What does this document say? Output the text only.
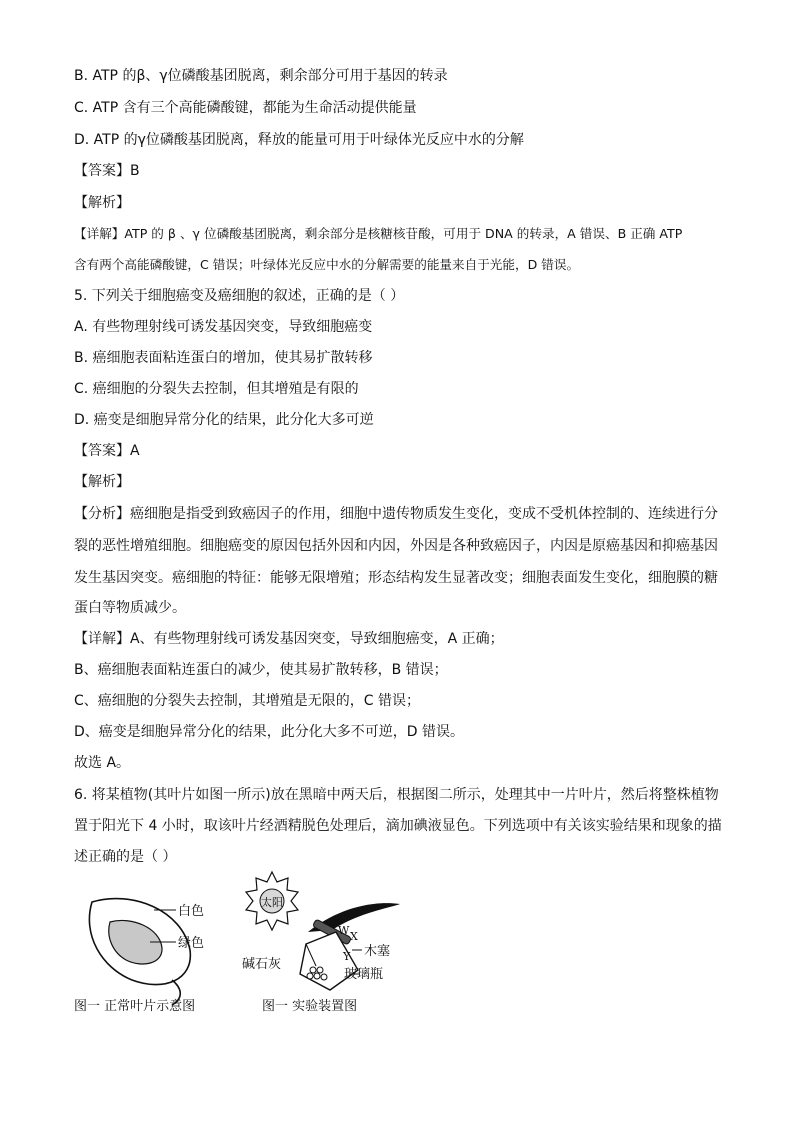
B. ATP 的β、γ位磷酸基团脱离，剩余部分可用于基因的转录
C. ATP 含有三个高能磷酸键，都能为生命活动提供能量
D. ATP 的γ位磷酸基团脱离，释放的能量可用于叶绿体光反应中水的分解
【答案】B
【解析】
【详解】ATP 的 β 、γ 位磷酸基团脱离，剩余部分是核糖核苷酸，可用于 DNA 的转录，A 错误、B 正确 ATP
含有两个高能磷酸键，C 错误；叶绿体光反应中水的分解需要的能量来自于光能，D 错误。
5. 下列关于细胞癌变及癌细胞的叙述，正确的是（ ）
A. 有些物理射线可诱发基因突变，导致细胞癌变
B. 癌细胞表面粘连蛋白的增加，使其易扩散转移
C. 癌细胞的分裂失去控制，但其增殖是有限的
D. 癌变是细胞异常分化的结果，此分化大多可逆
【答案】A
【解析】
【分析】癌细胞是指受到致癌因子的作用，细胞中遗传物质发生变化，变成不受机体控制的、连续进行分
裂的恶性增殖细胞。细胞癌变的原因包括外因和内因，外因是各种致癌因子，内因是原癌基因和抑癌基因
发生基因突变。癌细胞的特征：能够无限增殖；形态结构发生显著改变；细胞表面发生变化，细胞膜的糖
蛋白等物质减少。
【详解】A、有些物理射线可诱发基因突变，导致细胞癌变，A 正确；
B、癌细胞表面粘连蛋白的减少，使其易扩散转移，B 错误；
C、癌细胞的分裂失去控制，其增殖是无限的，C 错误；
D、癌变是细胞异常分化的结果，此分化大多不可逆，D 错误。
故选 A。
6. 将某植物(其叶片如图一所示)放在黑暗中两天后，根据图二所示，处理其中一片叶片，然后将整株植物
置于阳光下 4 小时，取该叶片经酒精脱色处理后，滴加碘液显色。下列选项中有关该实验结果和现象的描
述正确的是（ ）
白色
绿色
图一 正常叶片示意图
太阳
W X
Y 木塞
碱石灰
玻璃瓶
图一 实验装置图
